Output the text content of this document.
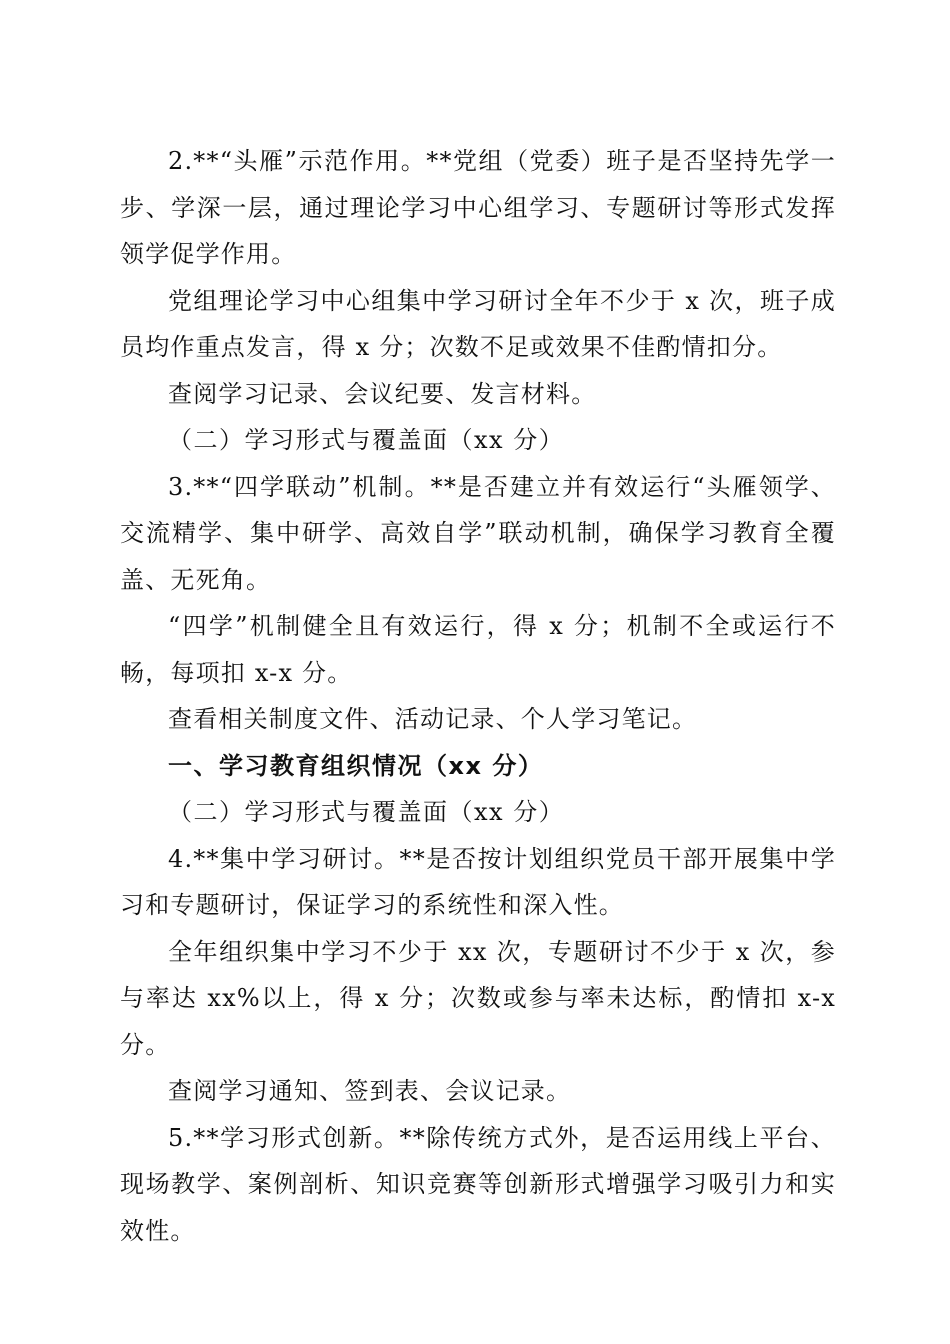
2.**“头雁”示范作用。**党组（党委）班子是否坚持先学一步、学深一层，通过理论学习中心组学习、专题研讨等形式发挥领学促学作用。

党组理论学习中心组集中学习研讨全年不少于 x 次，班子成员均作重点发言，得 x 分；次数不足或效果不佳酌情扣分。

查阅学习记录、会议纪要、发言材料。

（二）学习形式与覆盖面（xx 分）

3.**“四学联动”机制。**是否建立并有效运行“头雁领学、交流精学、集中研学、高效自学”联动机制，确保学习教育全覆盖、无死角。

“四学”机制健全且有效运行，得 x 分；机制不全或运行不畅，每项扣 x-x 分。

查看相关制度文件、活动记录、个人学习笔记。

一、学习教育组织情况（xx 分）

（二）学习形式与覆盖面（xx 分）

4.**集中学习研讨。**是否按计划组织党员干部开展集中学习和专题研讨，保证学习的系统性和深入性。

全年组织集中学习不少于 xx 次，专题研讨不少于 x 次，参与率达 xx%以上，得 x 分；次数或参与率未达标，酌情扣 x-x 分。

查阅学习通知、签到表、会议记录。

5.**学习形式创新。**除传统方式外，是否运用线上平台、现场教学、案例剖析、知识竞赛等创新形式增强学习吸引力和实效性。
